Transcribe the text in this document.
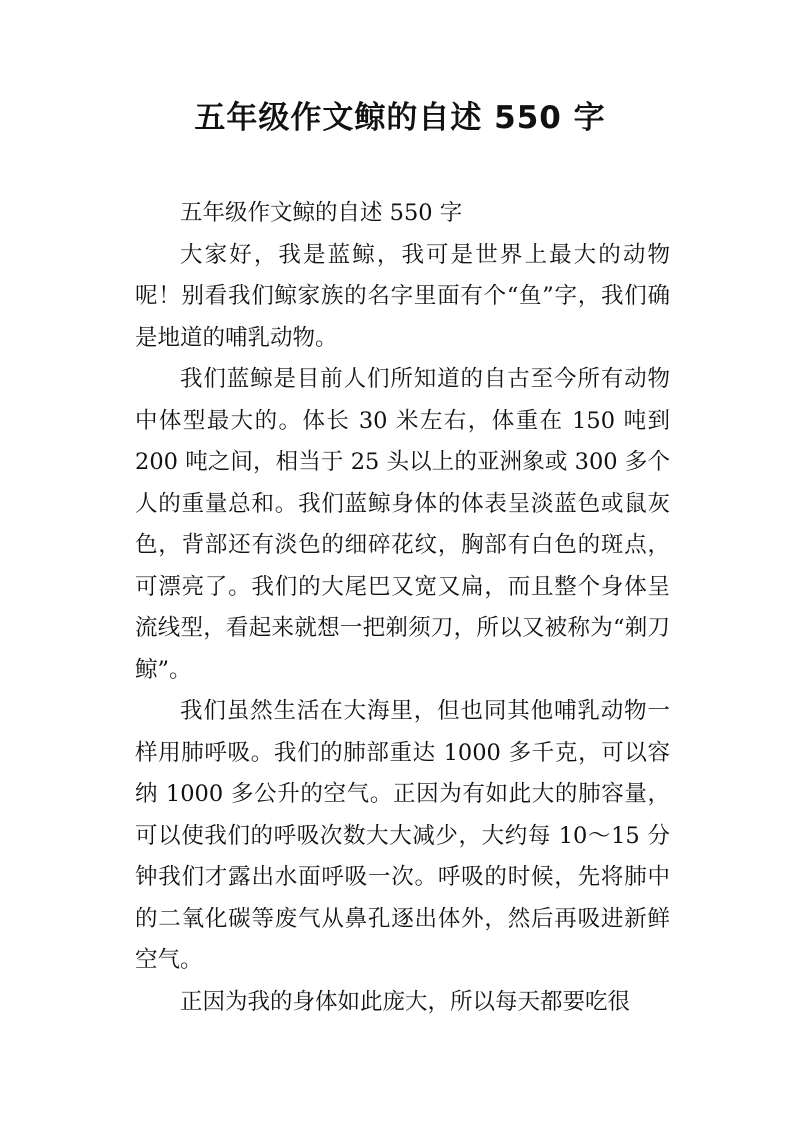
五年级作文鲸的自述 550 字

五年级作文鲸的自述 550 字

大家好，我是蓝鲸，我可是世界上最大的动物呢！别看我们鲸家族的名字里面有个“鱼”字，我们确是地道的哺乳动物。

我们蓝鲸是目前人们所知道的自古至今所有动物中体型最大的。体长 30 米左右，体重在 150 吨到 200 吨之间，相当于 25 头以上的亚洲象或 300 多个人的重量总和。我们蓝鲸身体的体表呈淡蓝色或鼠灰色，背部还有淡色的细碎花纹，胸部有白色的斑点，可漂亮了。我们的大尾巴又宽又扁，而且整个身体呈流线型，看起来就想一把剃须刀，所以又被称为“剃刀鲸”。

我们虽然生活在大海里，但也同其他哺乳动物一样用肺呼吸。我们的肺部重达 1000 多千克，可以容纳 1000 多公升的空气。正因为有如此大的肺容量，可以使我们的呼吸次数大大减少，大约每 10～15 分钟我们才露出水面呼吸一次。呼吸的时候，先将肺中的二氧化碳等废气从鼻孔逐出体外，然后再吸进新鲜空气。

正因为我的身体如此庞大，所以每天都要吃很
